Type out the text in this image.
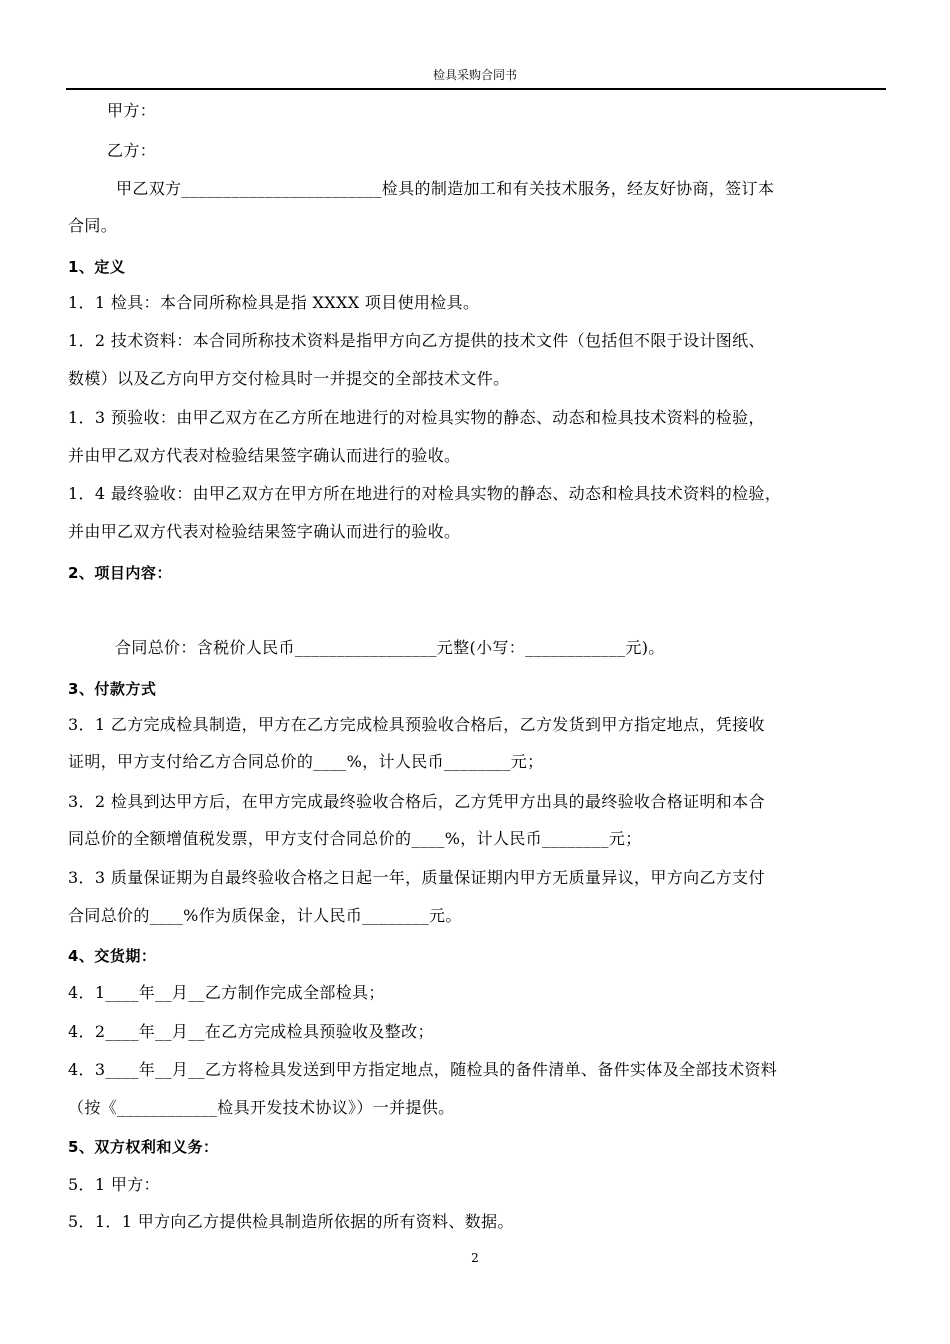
检具采购合同书
甲方：
乙方：
甲乙双方________________________检具的制造加工和有关技术服务，经友好协商，签订本
合同。
1、定义
1．1 检具：本合同所称检具是指 XXXX 项目使用检具。
1．2 技术资料：本合同所称技术资料是指甲方向乙方提供的技术文件（包括但不限于设计图纸、
数模）以及乙方向甲方交付检具时一并提交的全部技术文件。
1．3 预验收：由甲乙双方在乙方所在地进行的对检具实物的静态、动态和检具技术资料的检验，
并由甲乙双方代表对检验结果签字确认而进行的验收。
1．4 最终验收：由甲乙双方在甲方所在地进行的对检具实物的静态、动态和检具技术资料的检验，
并由甲乙双方代表对检验结果签字确认而进行的验收。
2、项目内容：
合同总价：含税价人民币_________________元整(小写：____________元)。
3、付款方式
3．1 乙方完成检具制造，甲方在乙方完成检具预验收合格后，乙方发货到甲方指定地点，凭接收
证明，甲方支付给乙方合同总价的____%，计人民币________元；
3．2 检具到达甲方后，在甲方完成最终验收合格后，乙方凭甲方出具的最终验收合格证明和本合
同总价的全额增值税发票，甲方支付合同总价的____%，计人民币________元；
3．3 质量保证期为自最终验收合格之日起一年，质量保证期内甲方无质量异议，甲方向乙方支付
合同总价的____%作为质保金，计人民币________元。
4、交货期：
4．1____年__月__乙方制作完成全部检具；
4．2____年__月__在乙方完成检具预验收及整改；
4．3____年__月__乙方将检具发送到甲方指定地点，随检具的备件清单、备件实体及全部技术资料
（按《____________检具开发技术协议》）一并提供。
5、双方权利和义务：
5．1 甲方：
5．1．1 甲方向乙方提供检具制造所依据的所有资料、数据。
2
